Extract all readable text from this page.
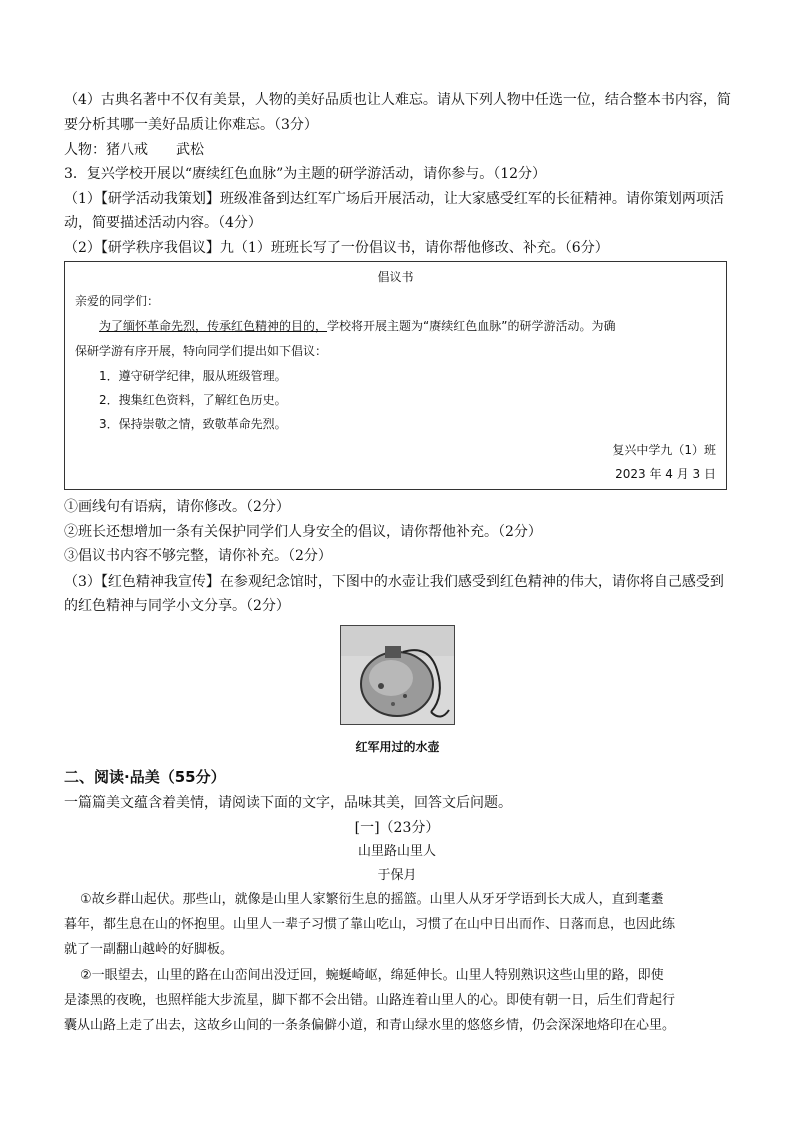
（4）古典名著中不仅有美景，人物的美好品质也让人难忘。请从下列人物中任选一位，结合整本书内容，简
要分析其哪一美好品质让你难忘。（3分）
人物：猪八戒　　武松
3．复兴学校开展以“赓续红色血脉”为主题的研学游活动，请你参与。（12分）
（1）【研学活动我策划】班级准备到达红军广场后开展活动，让大家感受红军的长征精神。请你策划两项活
动，简要描述活动内容。（4分）
（2）【研学秩序我倡议】九（1）班班长写了一份倡议书，请你帮他修改、补充。（6分）
倡议书
亲爱的同学们：
为了缅怀革命先烈，传承红色精神的目的，学校将开展主题为“赓续红色血脉”的研学游活动。为确
保研学游有序开展，特向同学们提出如下倡议：
1．遵守研学纪律，服从班级管理。
2．搜集红色资料，了解红色历史。
3．保持崇敬之情，致敬革命先烈。
复兴中学九（1）班
2023 年 4 月 3 日
①画线句有语病，请你修改。（2分）
②班长还想增加一条有关保护同学们人身安全的倡议，请你帮他补充。（2分）
③倡议书内容不够完整，请你补充。（2分）
（3）【红色精神我宣传】在参观纪念馆时，下图中的水壶让我们感受到红色精神的伟大，请你将自己感受到
的红色精神与同学小文分享。（2分）
红军用过的水壶
二、阅读·品美（55分）
一篇篇美文蕴含着美情，请阅读下面的文字，品味其美，回答文后问题。
[一]（23分）
山里路山里人
于保月
①故乡群山起伏。那些山，就像是山里人家繁衍生息的摇篮。山里人从牙牙学语到长大成人，直到耄耋
暮年，都生息在山的怀抱里。山里人一辈子习惯了靠山吃山，习惯了在山中日出而作、日落而息，也因此练
就了一副翻山越岭的好脚板。
②一眼望去，山里的路在山峦间出没迂回，蜿蜒崎岖，绵延伸长。山里人特别熟识这些山里的路，即使
是漆黑的夜晚，也照样能大步流星，脚下都不会出错。山路连着山里人的心。即使有朝一日，后生们背起行
囊从山路上走了出去，这故乡山间的一条条偏僻小道，和青山绿水里的悠悠乡情，仍会深深地烙印在心里。
